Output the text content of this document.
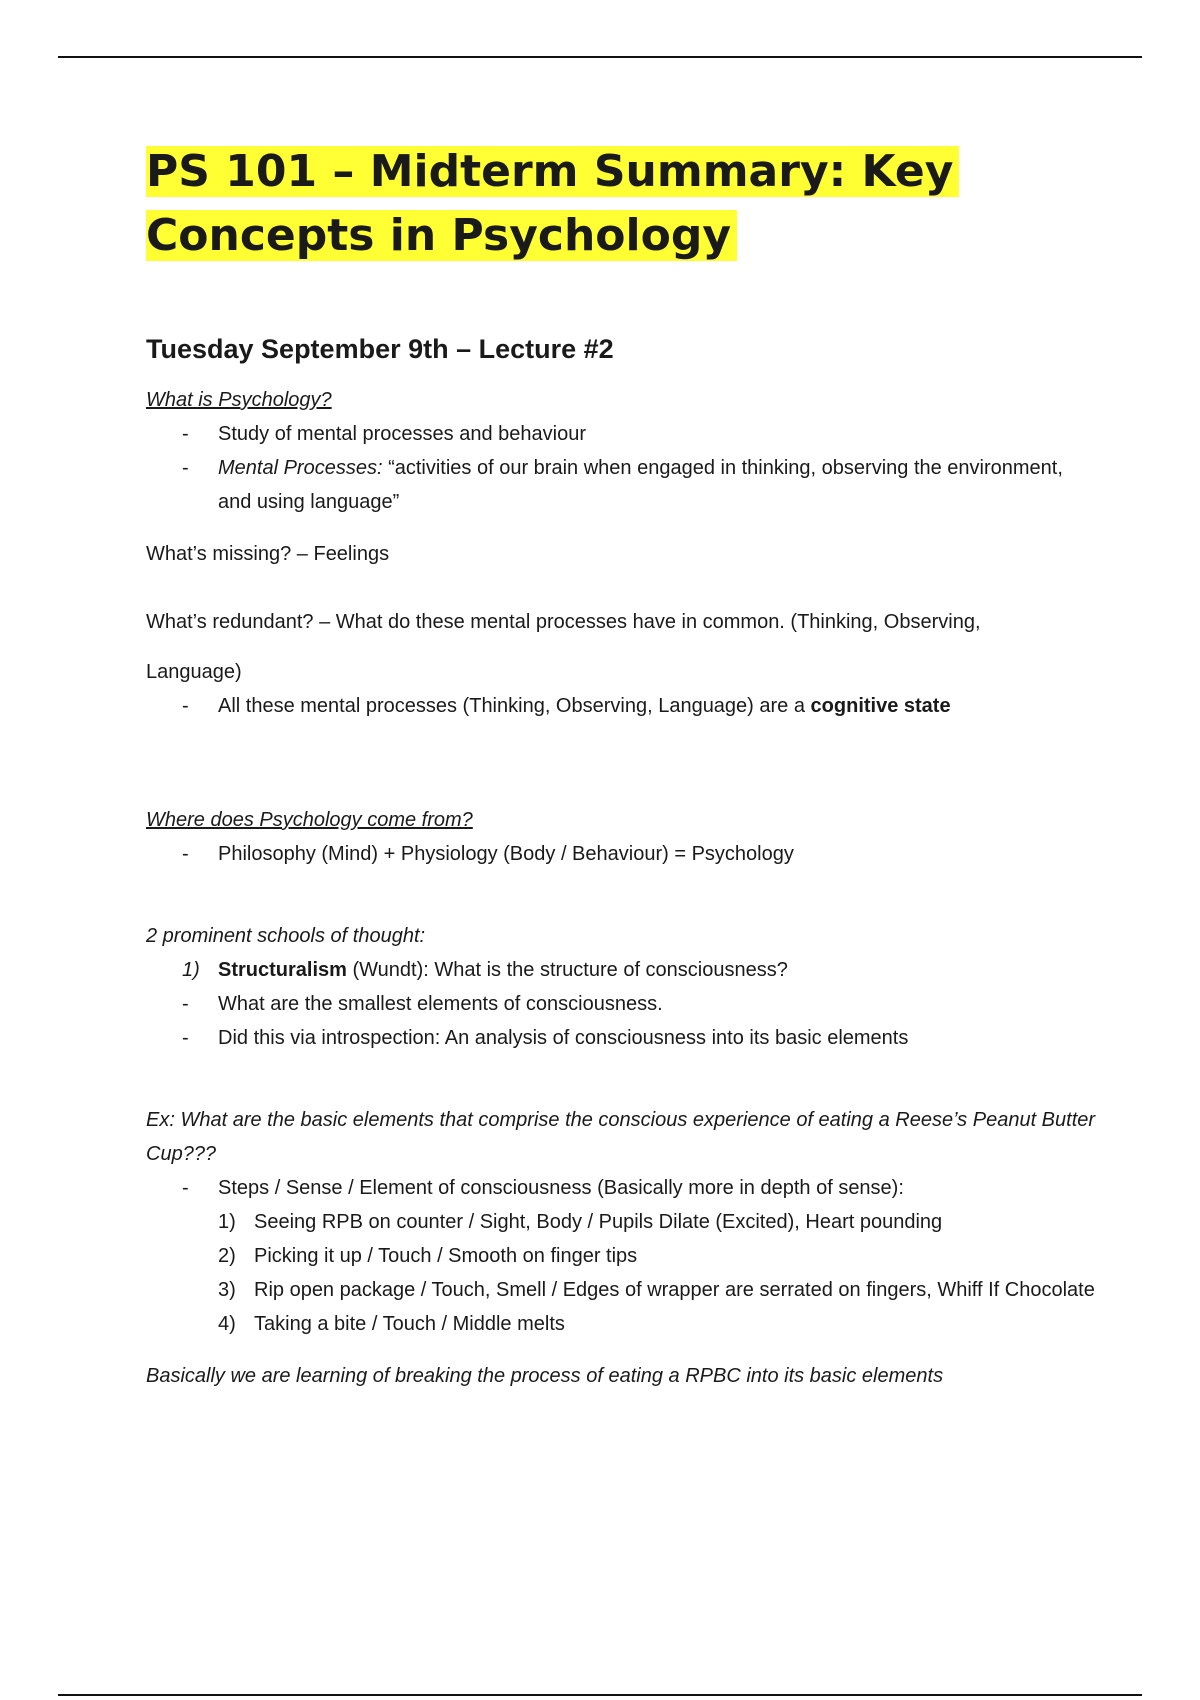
PS 101 – Midterm Summary: Key
Concepts in Psychology
Tuesday September 9th – Lecture #2

What is Psychology?

-	Study of mental processes and behaviour
-	Mental Processes: “activities of our brain when engaged in thinking, observing the environment, and using language”

What’s missing? – Feelings

What’s redundant? – What do these mental processes have in common. (Thinking, Observing,

Language)

-	All these mental processes (Thinking, Observing, Language) are a cognitive state

Where does Psychology come from?

-	Philosophy (Mind) + Physiology (Body / Behaviour) = Psychology

2 prominent schools of thought:

1) Structuralism (Wundt): What is the structure of consciousness?
-	What are the smallest elements of consciousness.
-	Did this via introspection: An analysis of consciousness into its basic elements

Ex: What are the basic elements that comprise the conscious experience of eating a Reese’s Peanut Butter Cup???

-	Steps / Sense / Element of consciousness (Basically more in depth of sense):
1) Seeing RPB on counter / Sight, Body / Pupils Dilate (Excited), Heart pounding
2) Picking it up / Touch / Smooth on finger tips
3) Rip open package / Touch, Smell / Edges of wrapper are serrated on fingers, Whiff If Chocolate
4) Taking a bite / Touch / Middle melts

Basically we are learning of breaking the process of eating a RPBC into its basic elements
